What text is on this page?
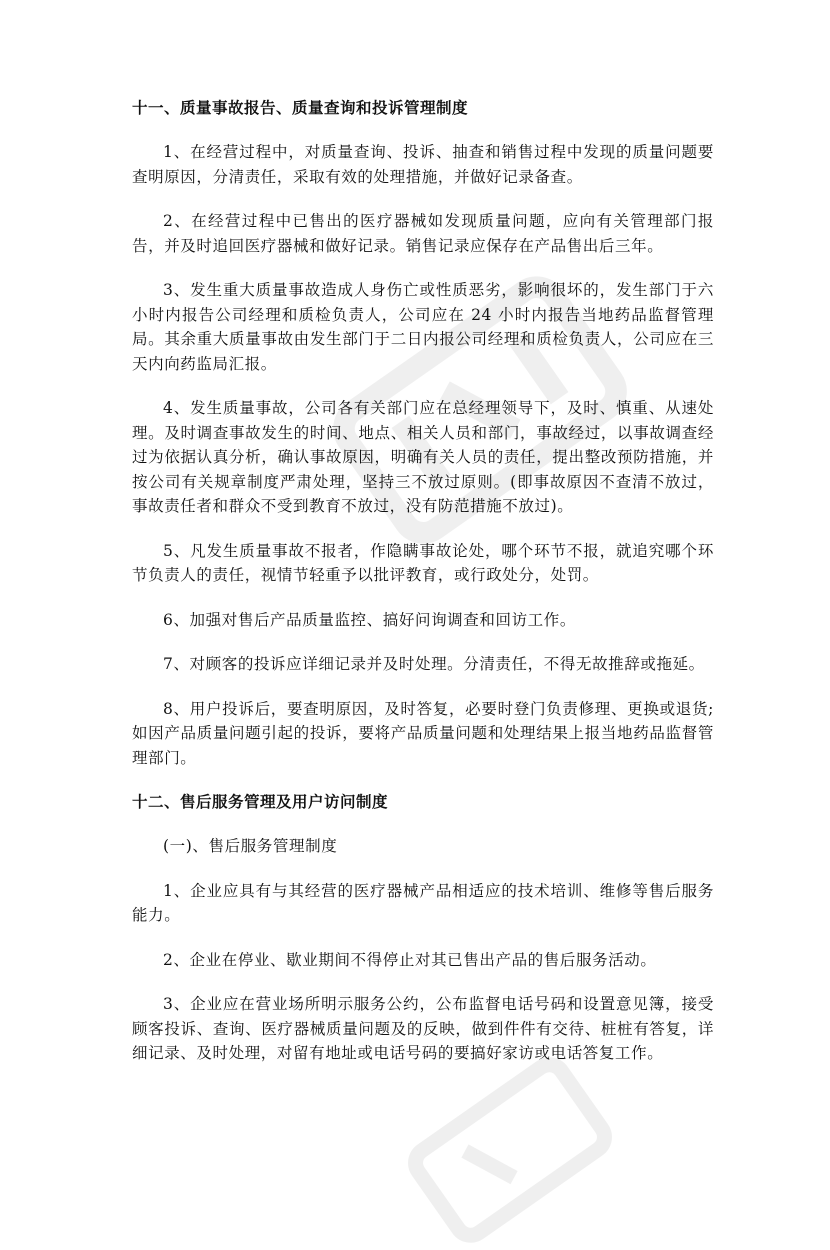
十一、质量事故报告、质量查询和投诉管理制度

1、在经营过程中，对质量查询、投诉、抽查和销售过程中发现的质量问题要查明原因，分清责任，采取有效的处理措施，并做好记录备查。

2、在经营过程中已售出的医疗器械如发现质量问题，应向有关管理部门报告，并及时追回医疗器械和做好记录。销售记录应保存在产品售出后三年。

3、发生重大质量事故造成人身伤亡或性质恶劣，影响很坏的，发生部门于六小时内报告公司经理和质检负责人，公司应在 24 小时内报告当地药品监督管理局。其余重大质量事故由发生部门于二日内报公司经理和质检负责人，公司应在三天内向药监局汇报。

4、发生质量事故，公司各有关部门应在总经理领导下，及时、慎重、从速处理。及时调查事故发生的时间、地点、相关人员和部门，事故经过，以事故调查经过为依据认真分析，确认事故原因，明确有关人员的责任，提出整改预防措施，并按公司有关规章制度严肃处理，坚持三不放过原则。(即事故原因不查清不放过，事故责任者和群众不受到教育不放过，没有防范措施不放过)。

5、凡发生质量事故不报者，作隐瞒事故论处，哪个环节不报，就追究哪个环节负责人的责任，视情节轻重予以批评教育，或行政处分，处罚。

6、加强对售后产品质量监控、搞好问询调查和回访工作。

7、对顾客的投诉应详细记录并及时处理。分清责任，不得无故推辞或拖延。

8、用户投诉后，要查明原因，及时答复，必要时登门负责修理、更换或退货;如因产品质量问题引起的投诉，要将产品质量问题和处理结果上报当地药品监督管理部门。

十二、售后服务管理及用户访问制度

(一)、售后服务管理制度

1、企业应具有与其经营的医疗器械产品相适应的技术培训、维修等售后服务能力。

2、企业在停业、歇业期间不得停止对其已售出产品的售后服务活动。

3、企业应在营业场所明示服务公约，公布监督电话号码和设置意见簿，接受顾客投诉、查询、医疗器械质量问题及的反映，做到件件有交待、桩桩有答复，详细记录、及时处理，对留有地址或电话号码的要搞好家访或电话答复工作。
